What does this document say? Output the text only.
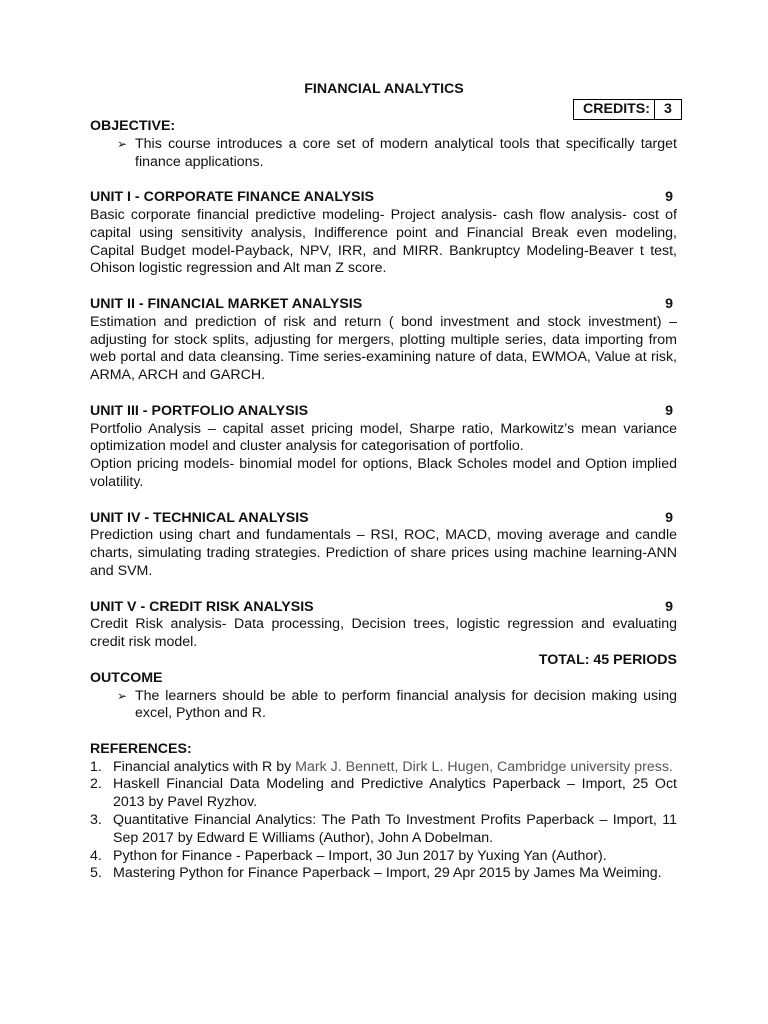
FINANCIAL ANALYTICS
CREDITS: 3
OBJECTIVE:
➢ This course introduces a core set of modern analytical tools that specifically target finance applications.
UNIT I - CORPORATE FINANCE ANALYSIS	9
Basic corporate financial predictive modeling- Project analysis- cash flow analysis- cost of capital using sensitivity analysis, Indifference point and Financial Break even modeling, Capital Budget model-Payback, NPV, IRR, and MIRR. Bankruptcy Modeling-Beaver t test, Ohison logistic regression and Alt man Z score.
UNIT II - FINANCIAL MARKET ANALYSIS	9
Estimation and prediction of risk and return ( bond investment and stock investment) – adjusting for stock splits, adjusting for mergers, plotting multiple series, data importing from web portal and data cleansing. Time series-examining nature of data, EWMOA, Value at risk, ARMA, ARCH and GARCH.
UNIT III - PORTFOLIO ANALYSIS	9
Portfolio Analysis – capital asset pricing model, Sharpe ratio, Markowitz’s mean variance optimization model and cluster analysis for categorisation of portfolio.
Option pricing models- binomial model for options, Black Scholes model and Option implied volatility.
UNIT IV - TECHNICAL ANALYSIS	9
Prediction using chart and fundamentals – RSI, ROC, MACD, moving average and candle charts, simulating trading strategies. Prediction of share prices using machine learning-ANN and SVM.
UNIT V - CREDIT RISK ANALYSIS	9
Credit Risk analysis- Data processing, Decision trees, logistic regression and evaluating credit risk model.
TOTAL: 45 PERIODS
OUTCOME
➢ The learners should be able to perform financial analysis for decision making using excel, Python and R.
REFERENCES:
1. Financial analytics with R by Mark J. Bennett, Dirk L. Hugen, Cambridge university press.
2. Haskell Financial Data Modeling and Predictive Analytics Paperback – Import, 25 Oct 2013 by Pavel Ryzhov.
3. Quantitative Financial Analytics: The Path To Investment Profits Paperback – Import, 11 Sep 2017 by Edward E Williams (Author), John A Dobelman.
4. Python for Finance - Paperback – Import, 30 Jun 2017 by Yuxing Yan (Author).
5. Mastering Python for Finance Paperback – Import, 29 Apr 2015 by James Ma Weiming.
